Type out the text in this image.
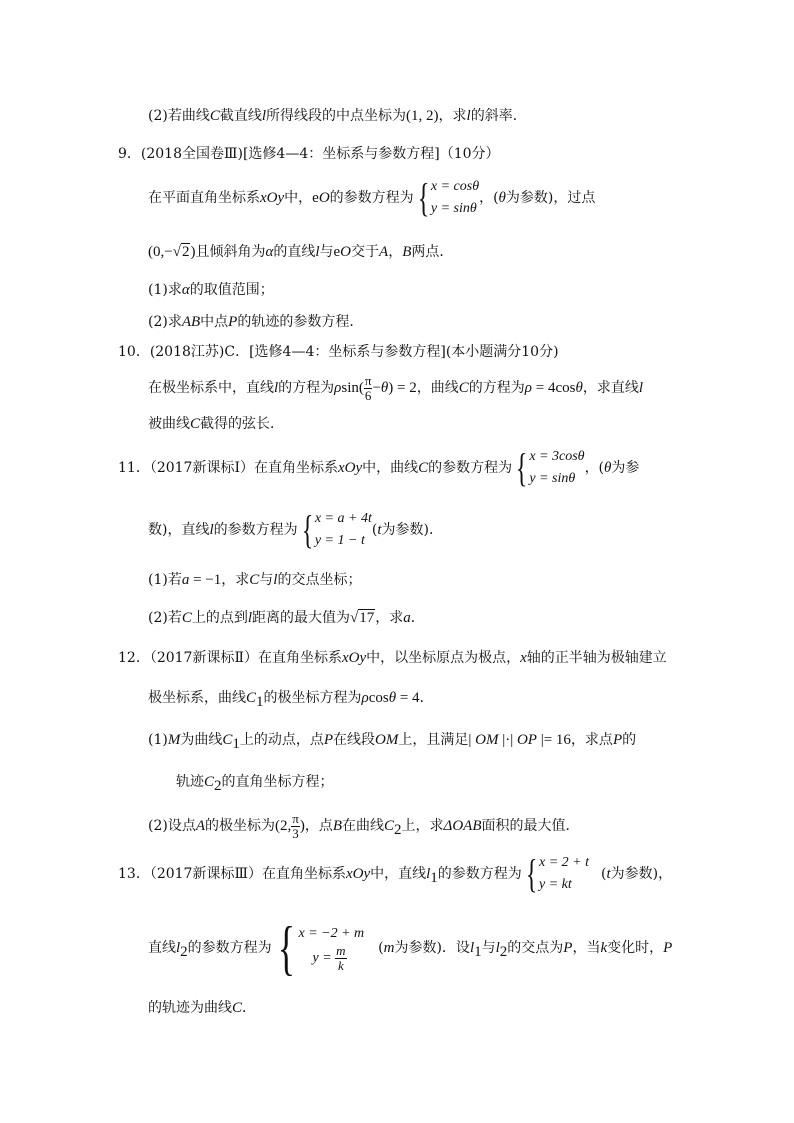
(2)若曲线C截直线l所得线段的中点坐标为(1, 2)，求l的斜率．
9．(2018全国卷Ⅲ)[选修4—4：坐标系与参数方程]（10分）
在平面直角坐标系xOy中，eO的参数方程为{ x = cosθ
y = sinθ
，(θ为参数)，过点
(0,−√2)且倾斜角为α的直线l与eO交于A，B两点．
(1)求α的取值范围；
(2)求AB中点P的轨迹的参数方程．
10．(2018江苏)C．[选修4—4：坐标系与参数方程](本小题满分10分)
在极坐标系中，直线l的方程为$\rho\sin( \frac{\pi}{6} -\theta) = 2$，曲线C的方程为ρ = 4cosθ，求直线l
被曲线C截得的弦长．
11．（2017新课标Ⅰ）在直角坐标系xOy中，曲线C的参数方程为{ x = 3cosθ
y = sinθ
，(θ为参
数)，直线l的参数方程为{ x = a + 4t
y = 1 − t
(t为参数)．
(1)若a = −1，求C与l的交点坐标；
(2)若C上的点到l距离的最大值为√17，求a．
12．（2017新课标Ⅱ）在直角坐标系xOy中，以坐标原点为极点，x轴的正半轴为极轴建立
极坐标系，曲线$C_1$的极坐标方程为ρcosθ = 4．
(1)M为曲线$C_1$上的动点，点P在线段OM上，且满足| OM |·| OP |= 16，求点P的
轨迹$C_2$的直角坐标方程；
(2)设点A的极坐标为(2, $\frac{\pi}{3}$ )，点B在曲线$C_2$上，求ΔOAB面积的最大值．
13．（2017新课标Ⅲ）在直角坐标系xOy中，直线$l_1$的参数方程为{ x = 2 + t
y = kt
(t为参数)，
直线$l_2$的参数方程为{ x = −2 + m
$y = \frac{m}{k} (m$为参数)．设$l_1$与$l_2$的交点为P，当k变化时，P
的轨迹为曲线C．
